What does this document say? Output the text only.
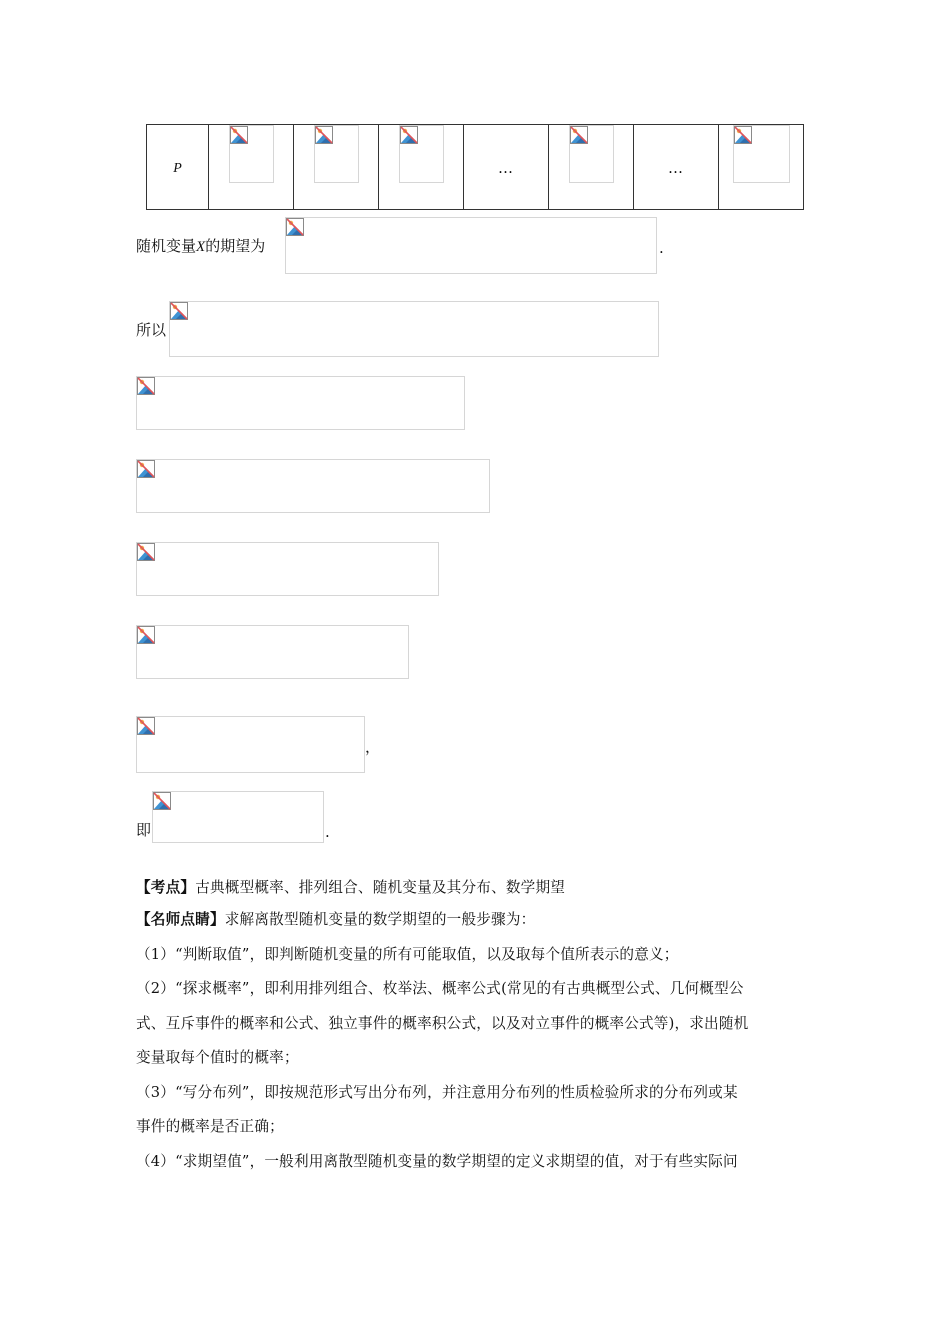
P				…		…	
随机变量X的期望为	.
所以
，
即	.
【考点】古典概型概率、排列组合、随机变量及其分布、数学期望
【名师点睛】求解离散型随机变量的数学期望的一般步骤为：
（1）“判断取值”，即判断随机变量的所有可能取值，以及取每个值所表示的意义；
（2）“探求概率”，即利用排列组合、枚举法、概率公式(常见的有古典概型公式、几何概型公
式、互斥事件的概率和公式、独立事件的概率积公式，以及对立事件的概率公式等)，求出随机
变量取每个值时的概率；
（3）“写分布列”，即按规范形式写出分布列，并注意用分布列的性质检验所求的分布列或某
事件的概率是否正确；
（4）“求期望值”，一般利用离散型随机变量的数学期望的定义求期望的值，对于有些实际问
